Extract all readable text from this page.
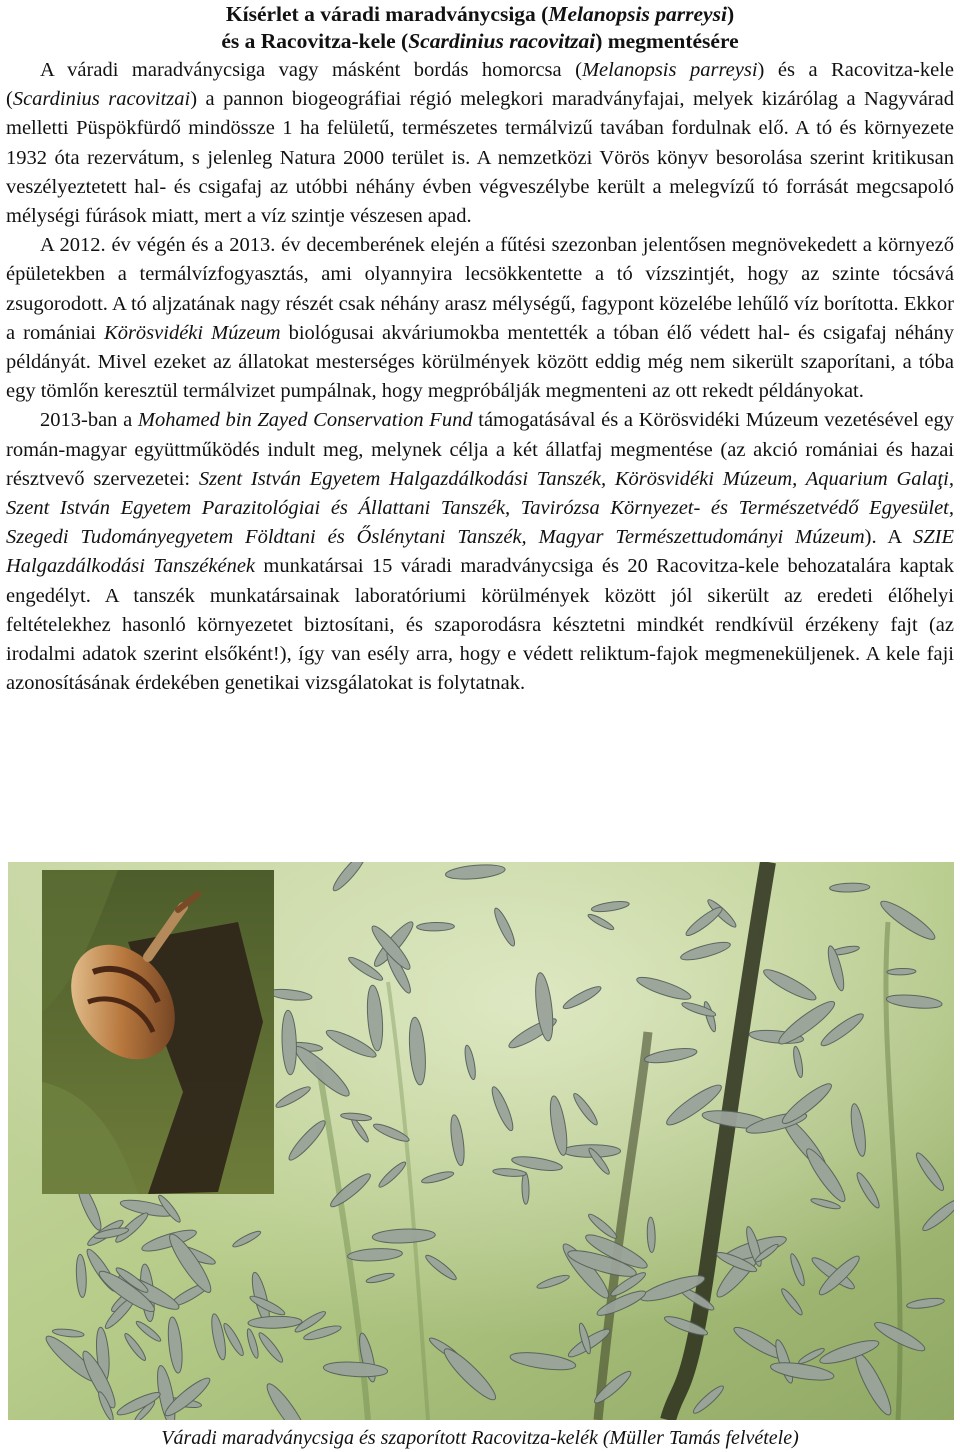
Kísérlet a váradi maradványcsiga (Melanopsis parreysi)
és a Racovitza-kele (Scardinius racovitzai) megmentésére

A váradi maradványcsiga vagy másként bordás homorcsa (Melanopsis parreysi) és a Racovitza-kele (Scardinius racovitzai) a pannon biogeográfiai régió melegkori maradványfajai, melyek kizárólag a Nagyvárad melletti Püspökfürdő mindössze 1 ha felületű, természetes termálvizű tavában fordulnak elő. A tó és környezete 1932 óta rezervátum, s jelenleg Natura 2000 terület is. A nemzetközi Vörös könyv besorolása szerint kritikusan veszélyeztetett hal- és csigafaj az utóbbi néhány évben végveszélybe került a melegvízű tó forrását megcsapoló mélységi fúrások miatt, mert a víz szintje vészesen apad.

A 2012. év végén és a 2013. év decemberének elején a fűtési szezonban jelentősen megnövekedett a környező épületekben a termálvízfogyasztás, ami olyannyira lecsökkentette a tó vízszintjét, hogy az szinte tócsává zsugorodott. A tó aljzatának nagy részét csak néhány arasz mélységű, fagypont közelébe lehűlő víz borította. Ekkor a romániai Körösvidéki Múzeum biológusai akváriumokba mentették a tóban élő védett hal- és csigafaj néhány példányát. Mivel ezeket az állatokat mesterséges körülmények között eddig még nem sikerült szaporítani, a tóba egy tömlőn keresztül termálvizet pumpálnak, hogy megpróbálják megmenteni az ott rekedt példányokat.

2013-ban a Mohamed bin Zayed Conservation Fund támogatásával és a Körösvidéki Múzeum vezetésével egy román-magyar együttműködés indult meg, melynek célja a két állatfaj megmentése (az akció romániai és hazai résztvevő szervezetei: Szent István Egyetem Halgazdálkodási Tanszék, Körösvidéki Múzeum, Aquarium Galaţi, Szent István Egyetem Parazitológiai és Állattani Tanszék, Tavirózsa Környezet- és Természetvédő Egyesület, Szegedi Tudományegyetem Földtani és Őslénytani Tanszék, Magyar Természettudományi Múzeum). A SZIE Halgazdálkodási Tanszékének munkatársai 15 váradi maradványcsiga és 20 Racovitza-kele behozatalára kaptak engedélyt. A tanszék munkatársainak laboratóriumi körülmények között jól sikerült az eredeti élőhelyi feltételekhez hasonló környezetet biztosítani, és szaporodásra késztetni mindkét rendkívül érzékeny fajt (az irodalmi adatok szerint elsőként!), így van esély arra, hogy e védett reliktum-fajok megmeneküljenek. A kele faji azonosításának érdekében genetikai vizsgálatokat is folytatnak.

Váradi maradványcsiga és szaporított Racovitza-kelék (Müller Tamás felvétele)
